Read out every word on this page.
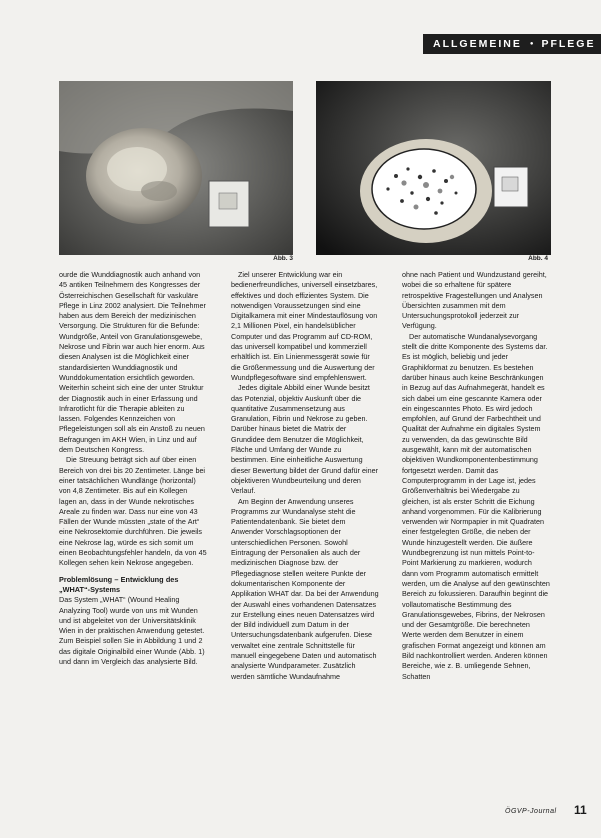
ALLGEMEINE ● PFLEGE
Abb. 3	Abb. 4

ourde die Wunddiagnostik auch anhand von 45 antiken Teilnehmern des Kongresses der Österreichischen Gesellschaft für vaskuläre Pflege in Linz 2002 analysiert. Die Teilnehmer haben aus dem Bereich der medizinischen Versorgung. Die Strukturen für die Befunde: Wundgröße, Anteil von Granulationsgewebe, Nekrose und Fibrin war auch hier enorm. Aus diesen Analysen ist die Möglichkeit einer standardisierten Wunddiagnostik und Wunddokumentation ersichtlich geworden. Weiterhin scheint sich eine der unter Struktur der Diagnostik auch in einer Erfassung und Infrarotlicht für die Therapie ableiten zu lassen. Folgendes Kennzeichen von Pflegeleistungen soll als ein Anstoß zu neuen Befragungen im AKH Wien, in Linz und auf dem Deutschen Kongress.

Die Streuung beträgt sich auf über einen Bereich von drei bis 20 Zentimeter. Länge bei einer tatsächlichen Wundlänge (horizontal) von 4,8 Zentimeter. Bis auf ein Kollegen lagen an, dass in der Wunde nekrotisches Areale zu finden war. Dass nur eine von 43 Fällen der Wunde müssten „state of the Art“ eine Nekrosektomie durchführen. Die jeweils eine Nekrose lag, würde es sich somit um einen Beobachtungsfehler handeln, da von 45 Kollegen sehen kein Nekrose angegeben.

Problemlösung – Entwicklung des „WHAT“-Systems

Das System „WHAT“ (Wound Healing Analyzing Tool) wurde von uns mit Wunden und ist abgeleitet von der Universitätsklinik Wien in der praktischen Anwendung getestet. Zum Beispiel sollen Sie in Abbildung 1 und 2 das digitale Originalbild einer Wunde (Abb. 1) und dann im Vergleich das analysierte Bild.

Ziel unserer Entwicklung war ein bedienerfreundliches, universell einsetzbares, effektives und doch effizientes System. Die notwendigen Voraussetzungen sind eine Digitalkamera mit einer Mindestauflösung von 2,1 Millionen Pixel, ein handelsüblicher Computer und das Programm auf CD-ROM, das universell kompatibel und kommerziell erhältlich ist. Ein Linienmessgerät sowie für die Größenmessung und die Auswertung der Wundpflegesoftware sind empfehlenswert.

Jedes digitale Abbild einer Wunde besitzt das Potenzial, objektiv Auskunft über die quantitative Zusammensetzung aus Granulation, Fibrin und Nekrose zu geben. Darüber hinaus bietet die Matrix der Grundidee dem Benutzer die Möglichkeit, Fläche und Umfang der Wunde zu bestimmen. Eine einheitliche Auswertung dieser Bewertung bildet der Grund dafür einer objektiveren Wundbeurteilung und deren Verlauf.

Am Beginn der Anwendung unseres Programms zur Wundanalyse steht die Patientendatenbank. Sie bietet dem Anwender Vorschlagsoptionen der unterschiedlichen Personen. Sowohl Eintragung der Personalien als auch der medizinischen Diagnose bzw. der Pflegediagnose stellen weitere Punkte der dokumentarischen Komponente der Applikation WHAT dar. Da bei der Anwendung der Auswahl eines vorhandenen Datensatzes zur Erstellung eines neuen Datensatzes wird der Bild individuell zum Datum in der Untersuchungsdatenbank aufgerufen. Diese verwaltet eine zentrale Schnittstelle für manuell eingegebene Daten und automatisch analysierte Wundparameter. Zusätzlich werden sämtliche Wundaufnahme

ohne nach Patient und Wundzustand gereiht, wobei die so erhaltene für spätere retrospektive Fragestellungen und Analysen Übersichten zusammen mit dem Untersuchungsprotokoll jederzeit zur Verfügung.

Der automatische Wundanalysevorgang stellt die dritte Komponente des Systems dar. Es ist möglich, beliebig und jeder Graphikformat zu benutzen. Es bestehen darüber hinaus auch keine Beschränkungen in Bezug auf das Aufnahmegerät, handelt es sich dabei um eine gescannte Kamera oder ein eingescanntes Photo. Es wird jedoch empfohlen, auf Grund der Farbechtheit und Qualität der Aufnahme ein digitales System zu verwenden, da das gewünschte Bild ausgewählt, kann mit der automatischen objektiven Wundkomponentenbestimmung fortgesetzt werden. Damit das Computerprogramm in der Lage ist, jedes Größenverhältnis bei Wiedergabe zu gleichen, ist als erster Schritt die Eichung anhand vorgenommen. Für die Kalibrierung verwenden wir Normpapier in mit Quadraten einer festgelegten Größe, die neben der Wunde hinzugestellt werden. Die äußere Wundbegrenzung ist nun mittels Point-to-Point Markierung zu markieren, wodurch dann vom Programm automatisch ermittelt werden, um die Analyse auf den gewünschten Bereich zu fokussieren. Daraufhin beginnt die vollautomatische Bestimmung des Granulationsgewebes, Fibrins, der Nekrosen und der Gesamtgröße. Die berechneten Werte werden dem Benutzer in einem grafischen Format angezeigt und können am Bild nachkontrolliert werden. Anderen können Bereiche, wie z. B. umliegende Sehnen, Schatten

ÖGVP-Journal 11
